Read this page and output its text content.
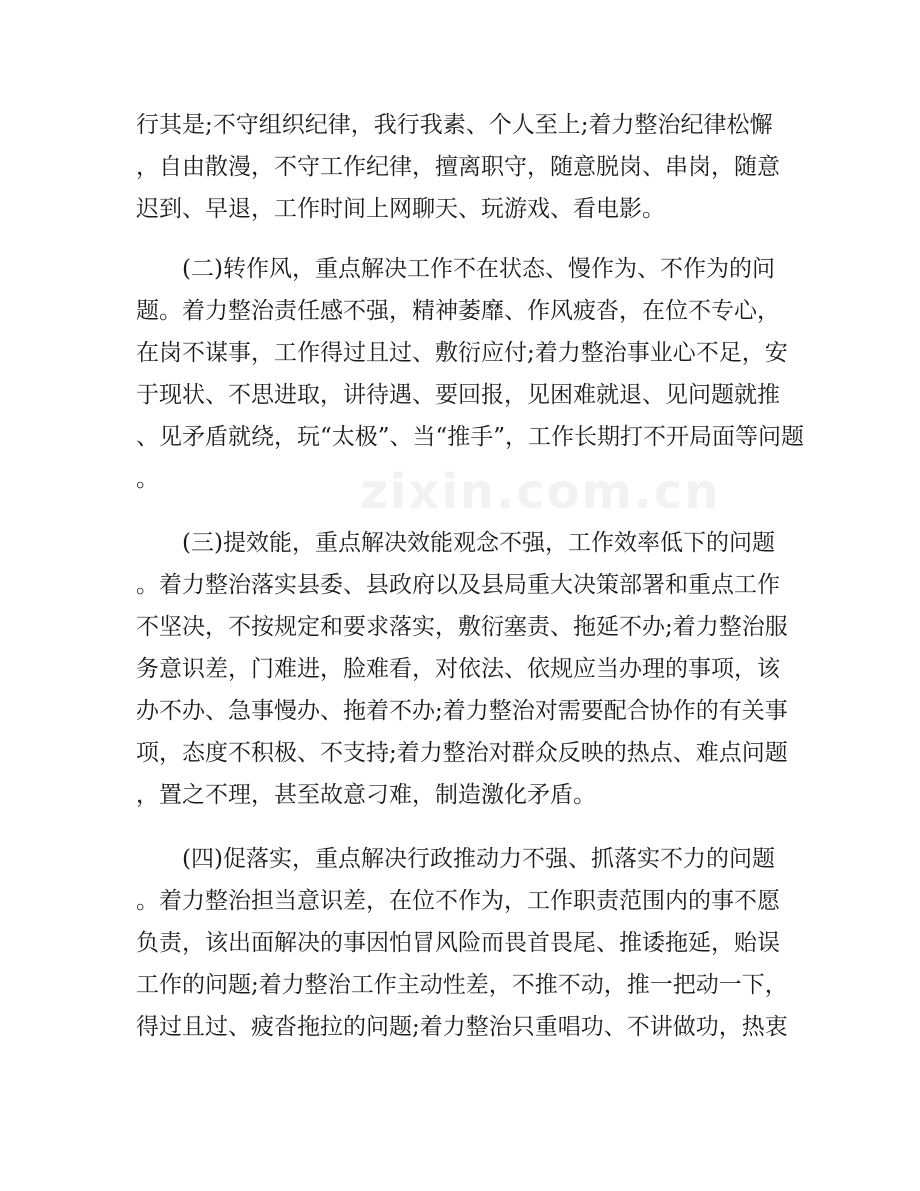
zixin.com.cn
行其是;不守组织纪律，我行我素、个人至上;着力整治纪律松懈
，自由散漫，不守工作纪律，擅离职守，随意脱岗、串岗，随意
迟到、早退，工作时间上网聊天、玩游戏、看电影。
(二)转作风，重点解决工作不在状态、慢作为、不作为的问
题。着力整治责任感不强，精神萎靡、作风疲沓，在位不专心，
在岗不谋事，工作得过且过、敷衍应付;着力整治事业心不足，安
于现状、不思进取，讲待遇、要回报，见困难就退、见问题就推
、见矛盾就绕，玩“太极”、当“推手”，工作长期打不开局面等问题
。
(三)提效能，重点解决效能观念不强，工作效率低下的问题
。着力整治落实县委、县政府以及县局重大决策部署和重点工作
不坚决，不按规定和要求落实，敷衍塞责、拖延不办;着力整治服
务意识差，门难进，脸难看，对依法、依规应当办理的事项，该
办不办、急事慢办、拖着不办;着力整治对需要配合协作的有关事
项，态度不积极、不支持;着力整治对群众反映的热点、难点问题
，置之不理，甚至故意刁难，制造激化矛盾。
(四)促落实，重点解决行政推动力不强、抓落实不力的问题
。着力整治担当意识差，在位不作为，工作职责范围内的事不愿
负责，该出面解决的事因怕冒风险而畏首畏尾、推诿拖延，贻误
工作的问题;着力整治工作主动性差，不推不动，推一把动一下，
得过且过、疲沓拖拉的问题;着力整治只重唱功、不讲做功，热衷
